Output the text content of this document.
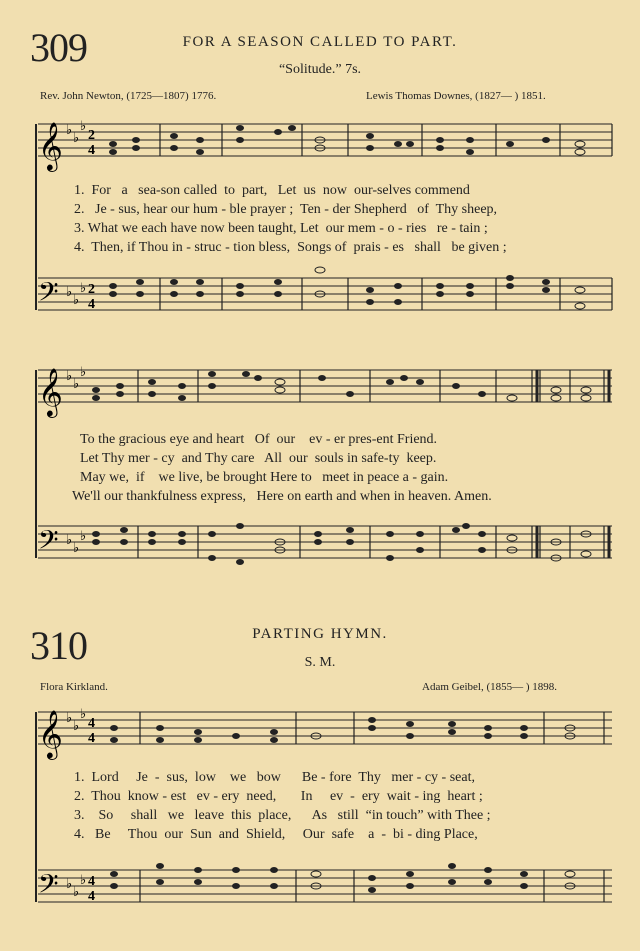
309	FOR A SEASON CALLED TO PART.
“Solitude.” 7s.
Rev. John Newton, (1725—1807) 1776.	Lewis Thomas Downes, (1827— ) 1851.
𝄞 ♭
♭
♭
2
4
1.  For   a   sea-son called  to  part,   Let  us  now  our-selves commend
2.   Je - sus, hear our hum - ble prayer ;  Ten - der Shepherd   of  Thy sheep,
3. What we each have now been taught, Let  our mem - o - ries   re - tain ;
4.  Then, if Thou in - struc - tion bless,  Songs of  prais - es   shall   be given ;
𝄢 ♭
♭
♭ 2
4
𝄞 ♭
♭
♭
To the gracious eye and heart   Of  our    ev - er pres-ent Friend.
Let Thy mer - cy  and Thy care   All  our  souls in safe-ty  keep.
May we,  if    we live, be brought Here to   meet in peace a - gain.
We'll our thankfulness express,   Here on earth and when in heaven. Amen.
𝄢 ♭
♭
♭
310	PARTING HYMN.
S. M.
Flora Kirkland.	Adam Geibel, (1855— ) 1898.
𝄞 ♭
♭
♭
4
4
1.  Lord     Je  -  sus,  low    we   bow      Be - fore  Thy   mer - cy - seat,
2.  Thou  know - est   ev - ery  need,       In     ev  -  ery  wait - ing  heart ;
3.    So     shall   we   leave  this  place,      As   still  “in touch” with Thee ;
4.   Be     Thou  our  Sun  and  Shield,     Our  safe    a  -  bi - ding Place,
𝄢 ♭
♭
♭ 4
4
